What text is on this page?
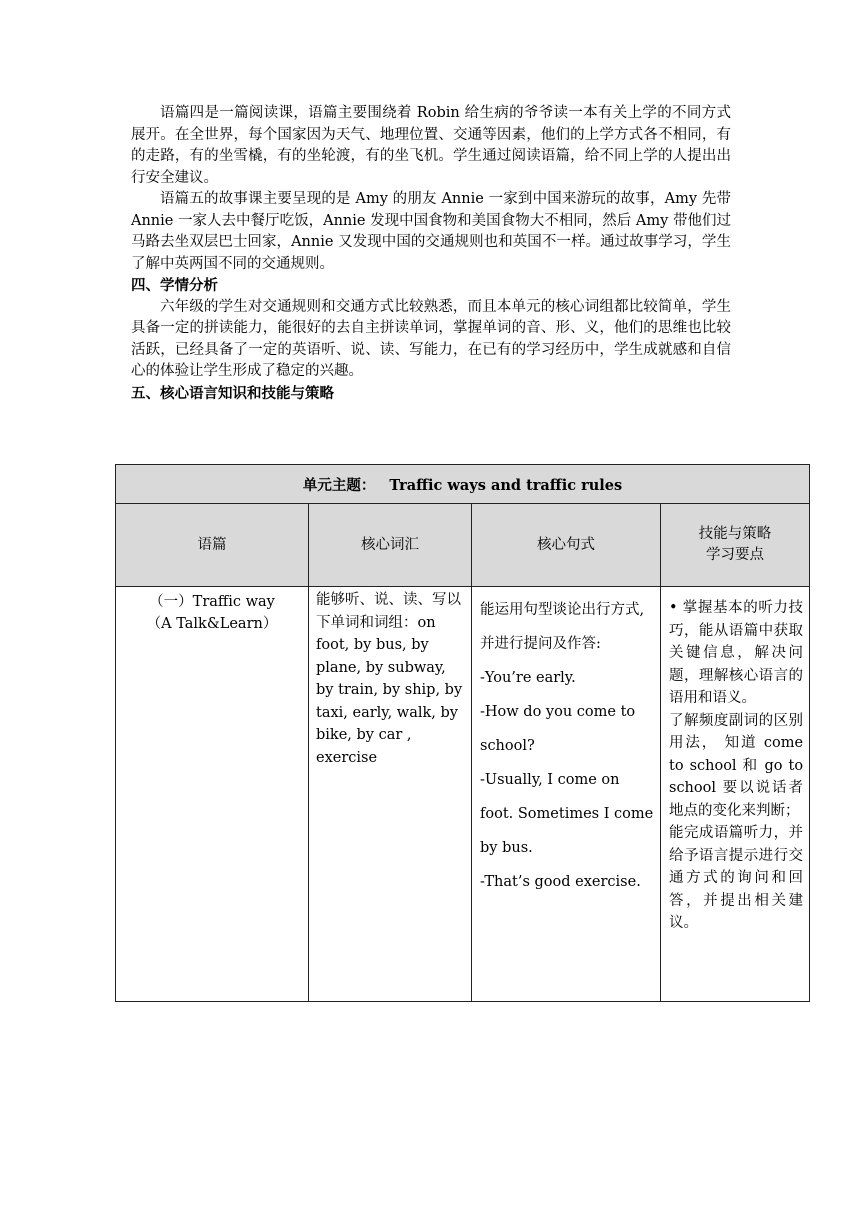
语篇四是一篇阅读课，语篇主要围绕着 Robin 给生病的爷爷读一本有关上学的不同方式展开。在全世界，每个国家因为天气、地理位置、交通等因素，他们的上学方式各不相同，有的走路，有的坐雪橇，有的坐轮渡，有的坐飞机。学生通过阅读语篇，给不同上学的人提出出行安全建议。

语篇五的故事课主要呈现的是 Amy 的朋友 Annie 一家到中国来游玩的故事，Amy 先带 Annie 一家人去中餐厅吃饭，Annie 发现中国食物和美国食物大不相同，然后 Amy 带他们过马路去坐双层巴士回家，Annie 又发现中国的交通规则也和英国不一样。通过故事学习，学生了解中英两国不同的交通规则。

四、学情分析

六年级的学生对交通规则和交通方式比较熟悉，而且本单元的核心词组都比较简单，学生具备一定的拼读能力，能很好的去自主拼读单词，掌握单词的音、形、义，他们的思维也比较活跃，已经具备了一定的英语听、说、读、写能力，在已有的学习经历中，学生成就感和自信心的体验让学生形成了稳定的兴趣。

五、核心语言知识和技能与策略

单元主题： Traffic ways and traffic rules			
语篇	核心词汇	核心句式	技能与策略
学习要点
（一）Traffic way
（A Talk&Learn）	能够听、说、读、写以下单词和词组：on foot, by bus, by plane, by subway, by train, by ship, by taxi, early, walk, by bike, by car , exercise	能运用句型谈论出行方式,并进行提问及作答:
-You’re early.
-How do you come to school?
-Usually, I come on foot. Sometimes I come by bus.
-That’s good exercise.	• 掌握基本的听力技巧，能从语篇中获取关键信息，解决问题，理解核心语言的语用和语义。
了解频度副词的区别用法， 知道 come to school 和 go to school 要以说话者地点的变化来判断；
能完成语篇听力，并给予语言提示进行交通方式的询问和回答，并提出相关建议。
